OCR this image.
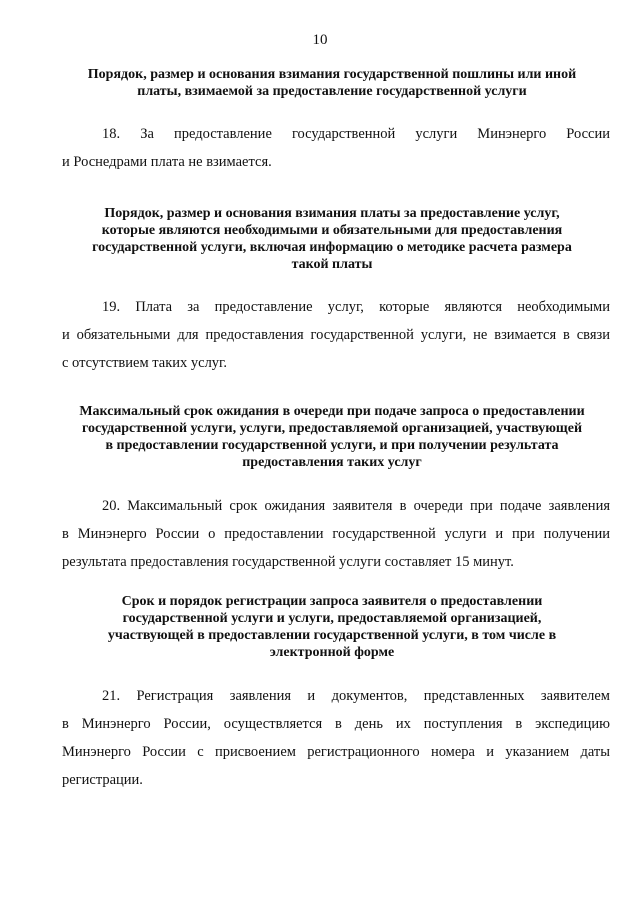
10
Порядок, размер и основания взимания государственной пошлины или иной
платы, взимаемой за предоставление государственной услуги
18. За предоставление государственной услуги Минэнерго России
и Роснедрами плата не взимается.
Порядок, размер и основания взимания платы за предоставление услуг,
которые являются необходимыми и обязательными для предоставления
государственной услуги, включая информацию о методике расчета размера
такой платы
19. Плата за предоставление услуг, которые являются необходимыми
и обязательными для предоставления государственной услуги, не взимается в связи
с отсутствием таких услуг.
Максимальный срок ожидания в очереди при подаче запроса о предоставлении
государственной услуги, услуги, предоставляемой организацией, участвующей
в предоставлении государственной услуги, и при получении результата
предоставления таких услуг
20. Максимальный срок ожидания заявителя в очереди при подаче заявления
в Минэнерго России о предоставлении государственной услуги и при получении
результата предоставления государственной услуги составляет 15 минут.
Срок и порядок регистрации запроса заявителя о предоставлении
государственной услуги и услуги, предоставляемой организацией,
участвующей в предоставлении государственной услуги, в том числе в
электронной форме
21. Регистрация заявления и документов, представленных заявителем
в Минэнерго России, осуществляется в день их поступления в экспедицию
Минэнерго России с присвоением регистрационного номера и указанием даты
регистрации.
